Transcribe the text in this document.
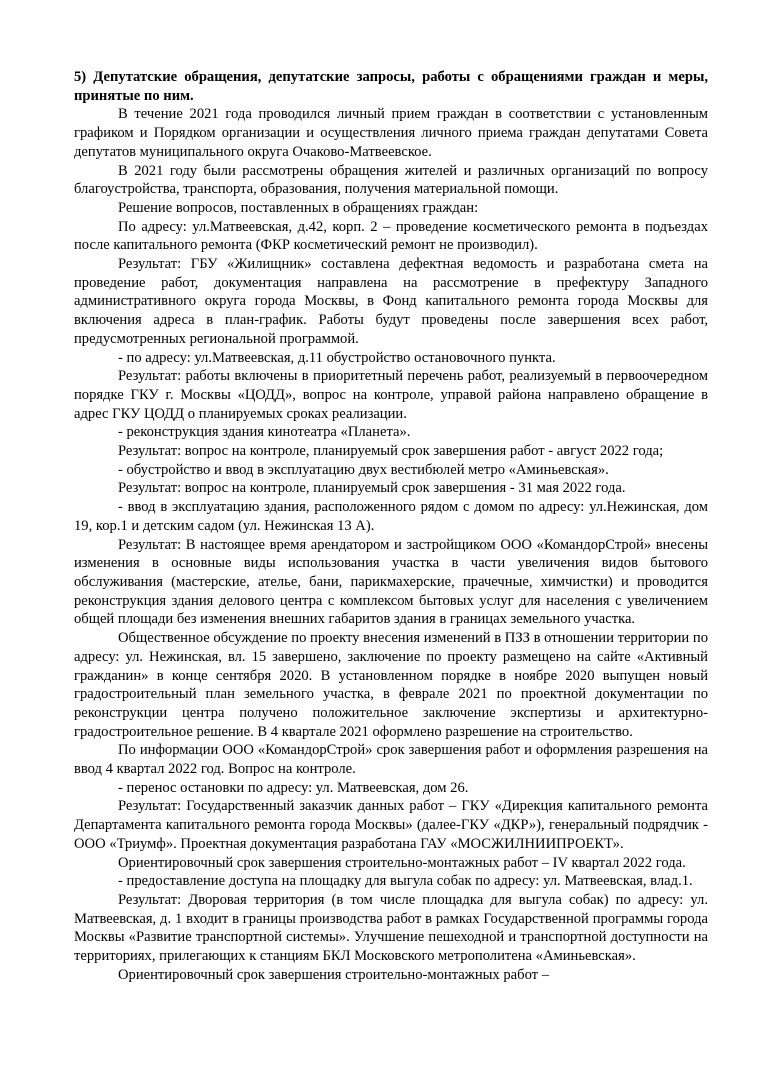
5) Депутатские обращения, депутатские запросы, работы с обращениями граждан и меры, принятые по ним.

В течение 2021 года проводился личный прием граждан в соответствии с установленным графиком и Порядком организации и осуществления личного приема граждан депутатами Совета депутатов муниципального округа Очаково-Матвеевское.

В 2021 году были рассмотрены обращения жителей и различных организаций по вопросу благоустройства, транспорта, образования, получения материальной помощи.

Решение вопросов, поставленных в обращениях граждан:

По адресу: ул.Матвеевская, д.42, корп. 2 – проведение косметического ремонта в подъездах после капитального ремонта (ФКР косметический ремонт не производил).

Результат: ГБУ «Жилищник» составлена дефектная ведомость и разработана смета на проведение работ, документация направлена на рассмотрение в префектуру Западного административного округа города Москвы, в Фонд капитального ремонта города Москвы для включения адреса в план-график. Работы будут проведены после завершения всех работ, предусмотренных региональной программой.

- по адресу: ул.Матвеевская, д.11 обустройство остановочного пункта.

Результат: работы включены в приоритетный перечень работ, реализуемый в первоочередном порядке ГКУ г. Москвы «ЦОДД», вопрос на контроле, управой района направлено обращение в адрес ГКУ ЦОДД о планируемых сроках реализации.

- реконструкция здания кинотеатра «Планета».

Результат: вопрос на контроле, планируемый срок завершения работ - август 2022 года;

- обустройство и ввод в эксплуатацию двух вестибюлей метро «Аминьевская».

Результат: вопрос на контроле, планируемый срок завершения - 31 мая 2022 года.

- ввод в эксплуатацию здания, расположенного рядом с домом по адресу: ул.Нежинская, дом 19, кор.1 и детским садом (ул. Нежинская 13 А).

Результат: В настоящее время арендатором и застройщиком ООО «КомандорСтрой» внесены изменения в основные виды использования участка в части увеличения видов бытового обслуживания (мастерские, ателье, бани, парикмахерские, прачечные, химчистки) и проводится реконструкция здания делового центра с комплексом бытовых услуг для населения с увеличением общей площади без изменения внешних габаритов здания в границах земельного участка.

Общественное обсуждение по проекту внесения изменений в ПЗЗ в отношении территории по адресу: ул. Нежинская, вл. 15 завершено, заключение по проекту размещено на сайте «Активный гражданин» в конце сентября 2020. В установленном порядке в ноябре 2020 выпущен новый градостроительный план земельного участка, в феврале 2021 по проектной документации по реконструкции центра получено положительное заключение экспертизы и архитектурно-градостроительное решение. В 4 квартале 2021 оформлено разрешение на строительство.

По информации ООО «КомандорСтрой» срок завершения работ и оформления разрешения на ввод 4 квартал 2022 год. Вопрос на контроле.

- перенос остановки по адресу: ул. Матвеевская, дом 26.

Результат: Государственный заказчик данных работ – ГКУ «Дирекция капитального ремонта Департамента капитального ремонта города Москвы» (далее-ГКУ «ДКР»), генеральный подрядчик - ООО «Триумф». Проектная документация разработана ГАУ «МОСЖИЛНИИПРОЕКТ».

Ориентировочный срок завершения строительно-монтажных работ – IV квартал 2022 года.

- предоставление доступа на площадку для выгула собак по адресу: ул. Матвеевская, влад.1.

Результат: Дворовая территория (в том числе площадка для выгула собак) по адресу: ул. Матвеевская, д. 1 входит в границы производства работ в рамках Государственной программы города Москвы «Развитие транспортной системы». Улучшение пешеходной и транспортной доступности на территориях, прилегающих к станциям БКЛ Московского метрополитена «Аминьевская».

Ориентировочный срок завершения строительно-монтажных работ –
